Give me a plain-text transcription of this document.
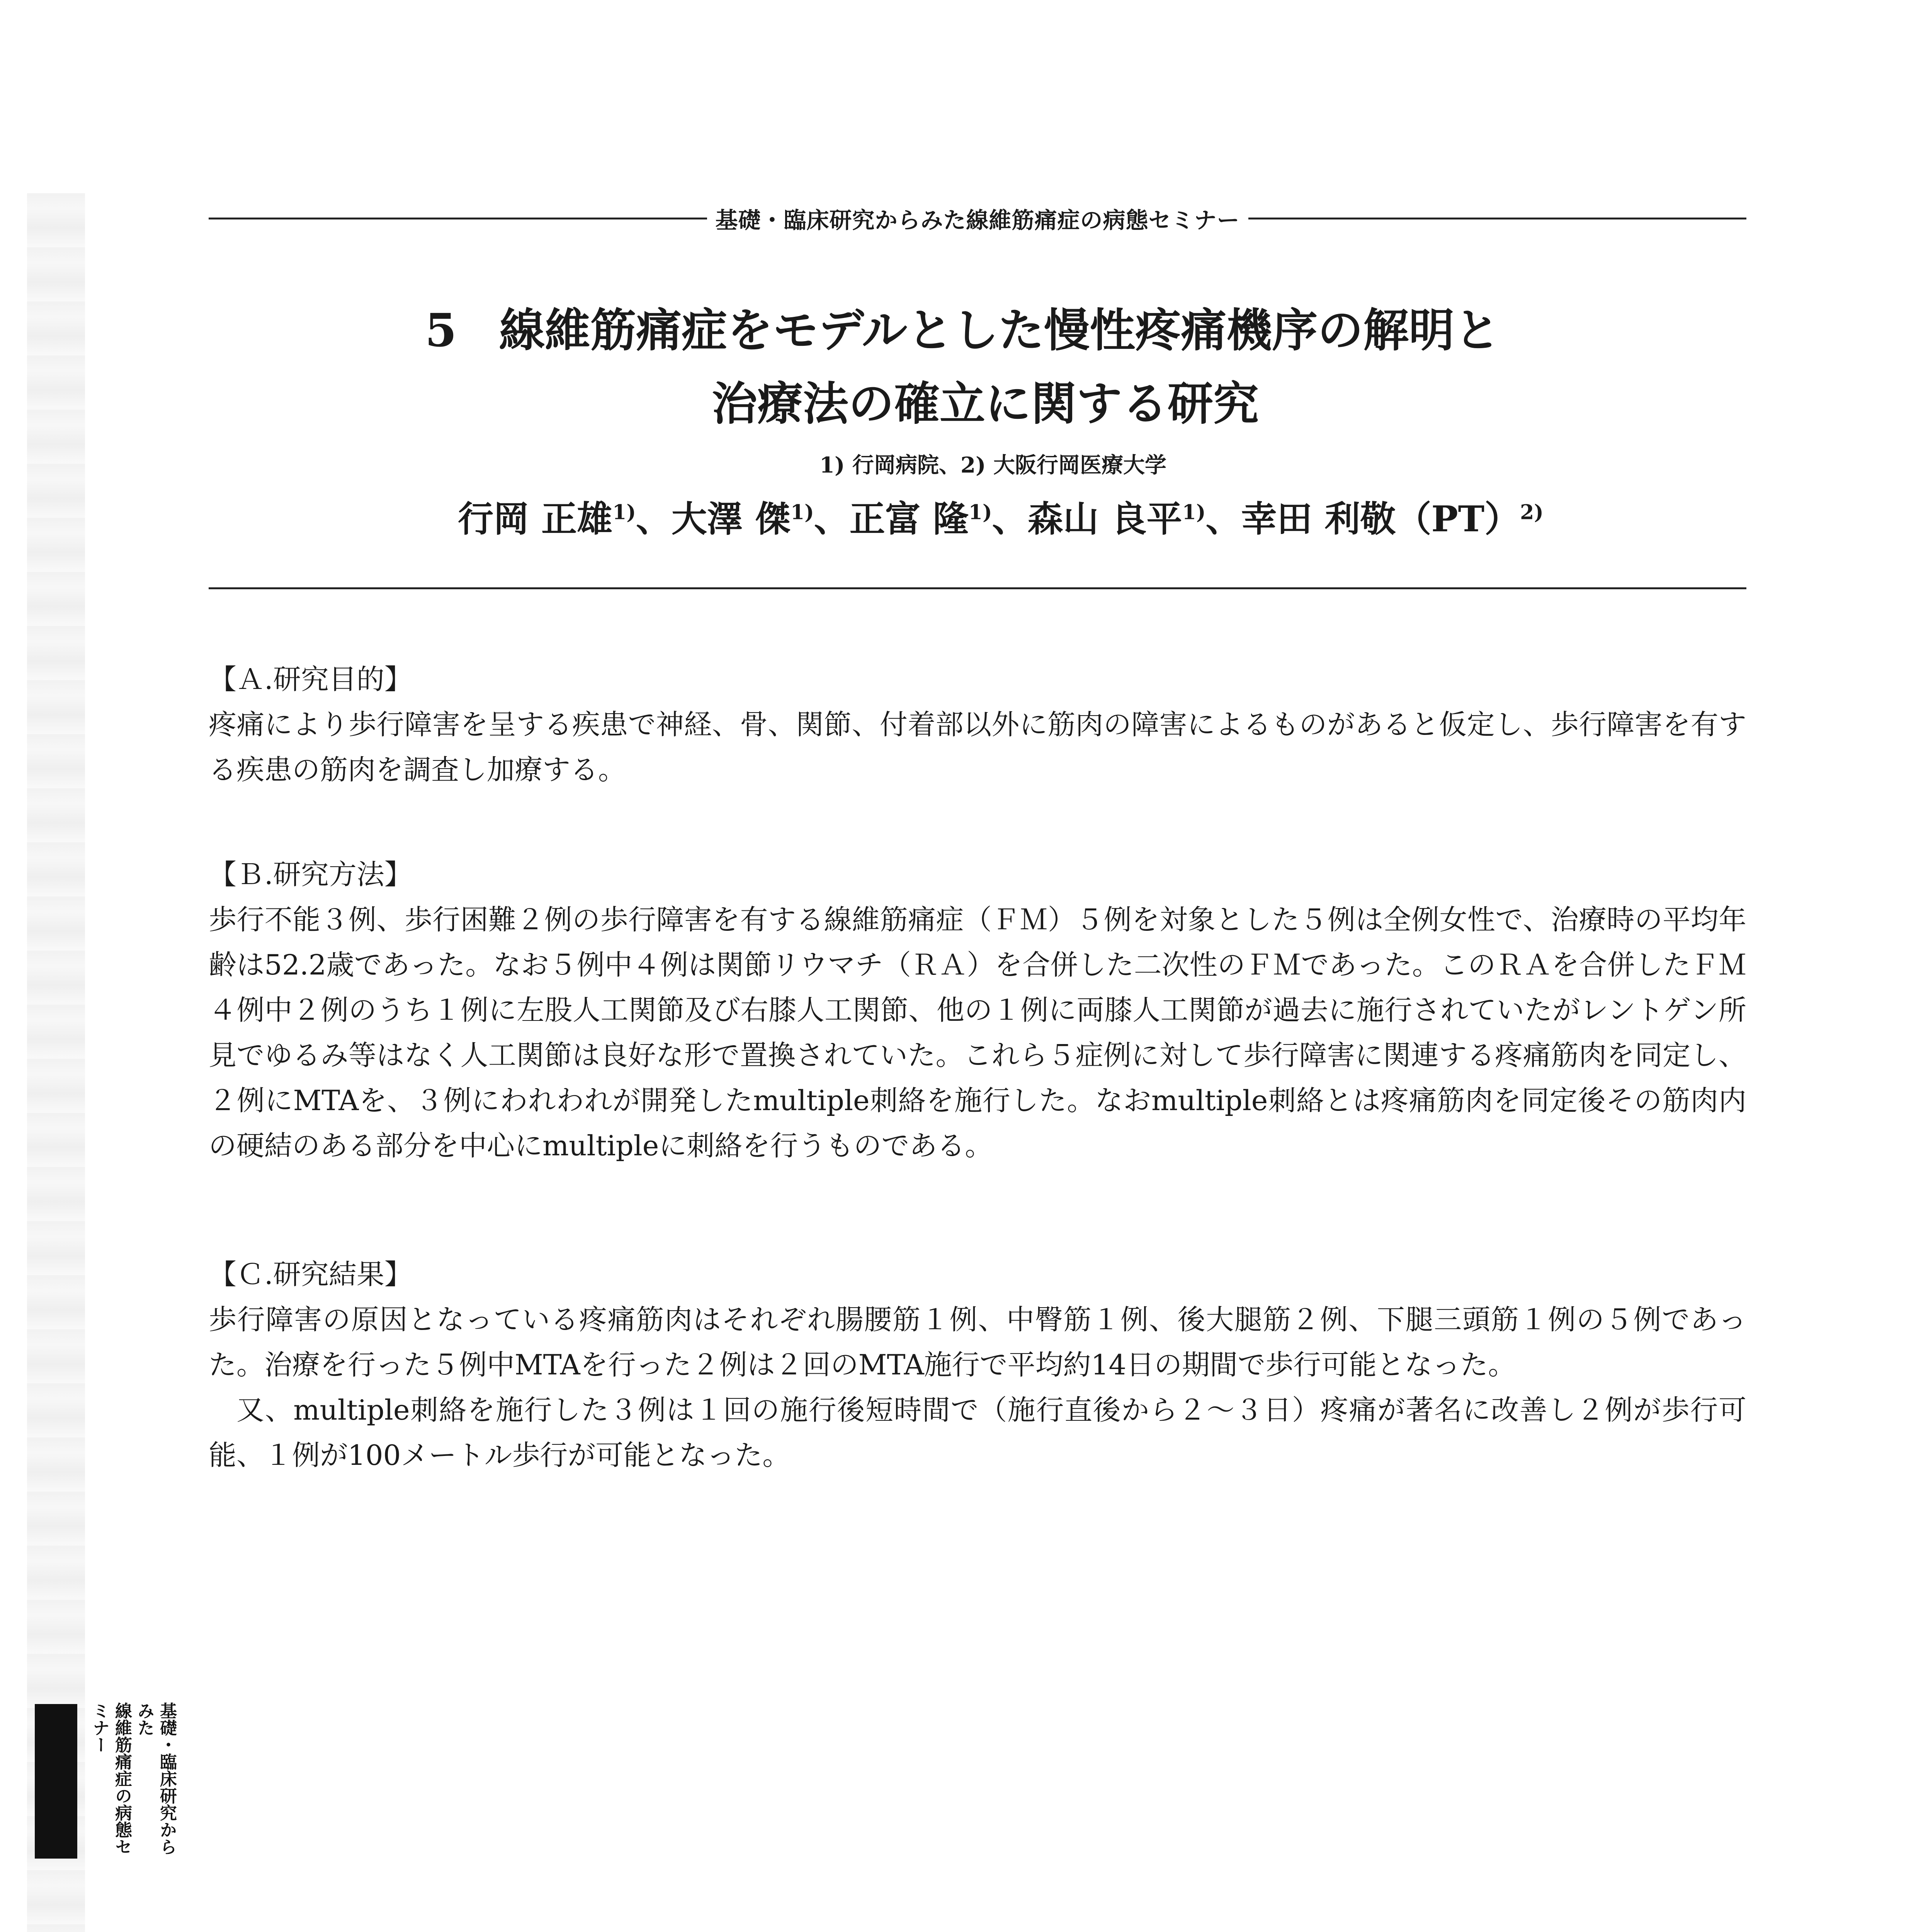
基礎・臨床研究からみた線維筋痛症の病態セミナー
5 線維筋痛症をモデルとした慢性疼痛機序の解明と
治療法の確立に関する研究
1) 行岡病院、2) 大阪行岡医療大学
行岡 正雄$^{1)}$、大澤 傑$^{1)}$、正富 隆$^{1)}$、森山 良平$^{1)}$、幸田 利敬（PT）$^{2)}$
【Ａ.研究目的】
疼痛により歩行障害を呈する疾患で神経、骨、関節、付着部以外に筋肉の障害によるものがあると仮定し、歩行障害を有する疾患の筋肉を調査し加療する。
【Ｂ.研究方法】
歩行不能３例、歩行困難２例の歩行障害を有する線維筋痛症（ＦＭ）５例を対象とした５例は全例女性で、治療時の平均年齢は52.2歳であった。なお５例中４例は関節リウマチ（ＲＡ）を合併した二次性のＦＭであった。このＲＡを合併したＦＭ４例中２例のうち１例に左股人工関節及び右膝人工関節、他の１例に両膝人工関節が過去に施行されていたがレントゲン所見でゆるみ等はなく人工関節は良好な形で置換されていた。これら５症例に対して歩行障害に関連する疼痛筋肉を同定し、２例にMTAを、３例にわれわれが開発したmultiple刺絡を施行した。なおmultiple刺絡とは疼痛筋肉を同定後その筋肉内の硬結のある部分を中心にmultipleに刺絡を行うものである。
【Ｃ.研究結果】
歩行障害の原因となっている疼痛筋肉はそれぞれ腸腰筋１例、中臀筋１例、後大腿筋２例、下腿三頭筋１例の５例であった。治療を行った５例中MTAを行った２例は２回のMTA施行で平均約14日の期間で歩行可能となった。
又、multiple刺絡を施行した３例は１回の施行後短時間で（施行直後から２～３日）疼痛が著名に改善し２例が歩行可能、１例が100メートル歩行が可能となった。
基礎・臨床研究からみた
線維筋痛症の病態セミナー
